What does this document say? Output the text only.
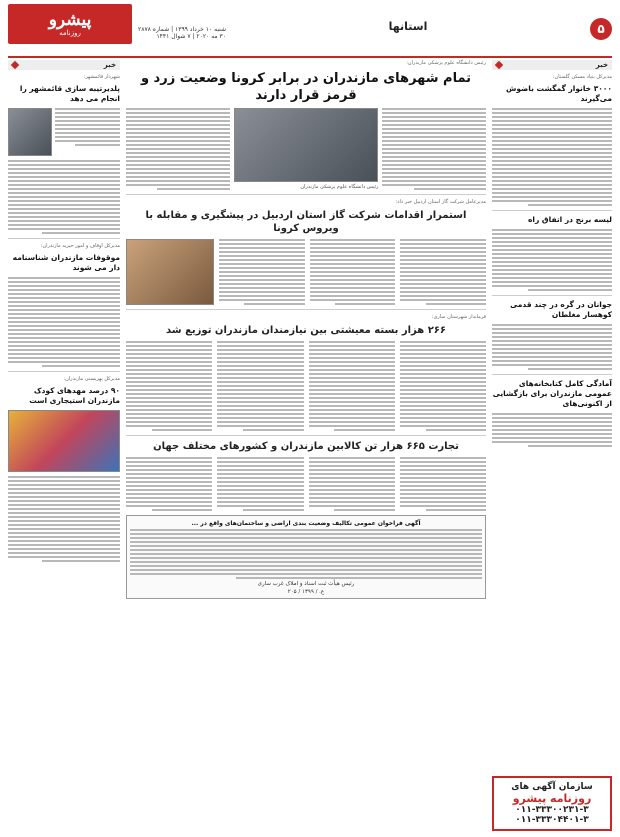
پیشرو
روزنامه	شنبه ۱۰ خرداد ۱۳۹۹ | شماره ۲۸۷۸
۳۰ مه ۲۰۲۰ | ۷ شوال ۱۴۴۱
استانها	۵
خبر
مدیرکل بنیاد مسکن گلستان:
۳۰۰۰ خانوار گمگشت باضوش می‌گیرند
لیسه برنج در اتفاق راه
جوانان در گره در چند قدمی کوهسار مغلطان
آمادگی کامل کتابخانه‌های عمومی مازندران برای بازگشایی از اکنونی‌های
سازمان آگهی های
روزنامه پیشرو
۰۱۱-۳۳۳۰۰۲۳۱-۳
۰۱۱-۳۳۳۰۴۴۰۱-۳
رئیس دانشگاه علوم پزشکی مازندران:
تمام شهرهای مازندران در برابر کرونا وضعیت زرد و قرمز قرار دارند
رئیس دانشگاه علوم پزشکی مازندران
مدیرعامل شرکت گاز استان اردبیل خبر داد:
استمرار اقدامات شرکت گاز استان اردبیل در پیشگیری و مقابله با ویروس کرونا
فرماندار شهرستان ساری:
۲۶۶ هزار بسته معیشتی بین نیازمندان مازندران توزیع شد
تجارت ۶۶۵ هزار تن کالابین مازندران و کشورهای مختلف جهان
آگهی فراخوان عمومی تکالیف وضعیت بندی اراضی و ساختمان‌های واقع در ...
رئیس هیأت ثبت اسناد و املاک غرب ساری
ع. / ۱۳۹۹ / ۲۰۵
خبر
شهردار قائمشهر:
پلدیرتیبه سازی قائمشهر را انجام می دهد
مدیرکل اوقاف و امور خیریه مازندران:
موقوفات مازندران شناسنامه دار می شوند
مدیرکل بهزیستی مازندران:
۹۰ درصد مهدهای کودک مازندران استیجاری است
